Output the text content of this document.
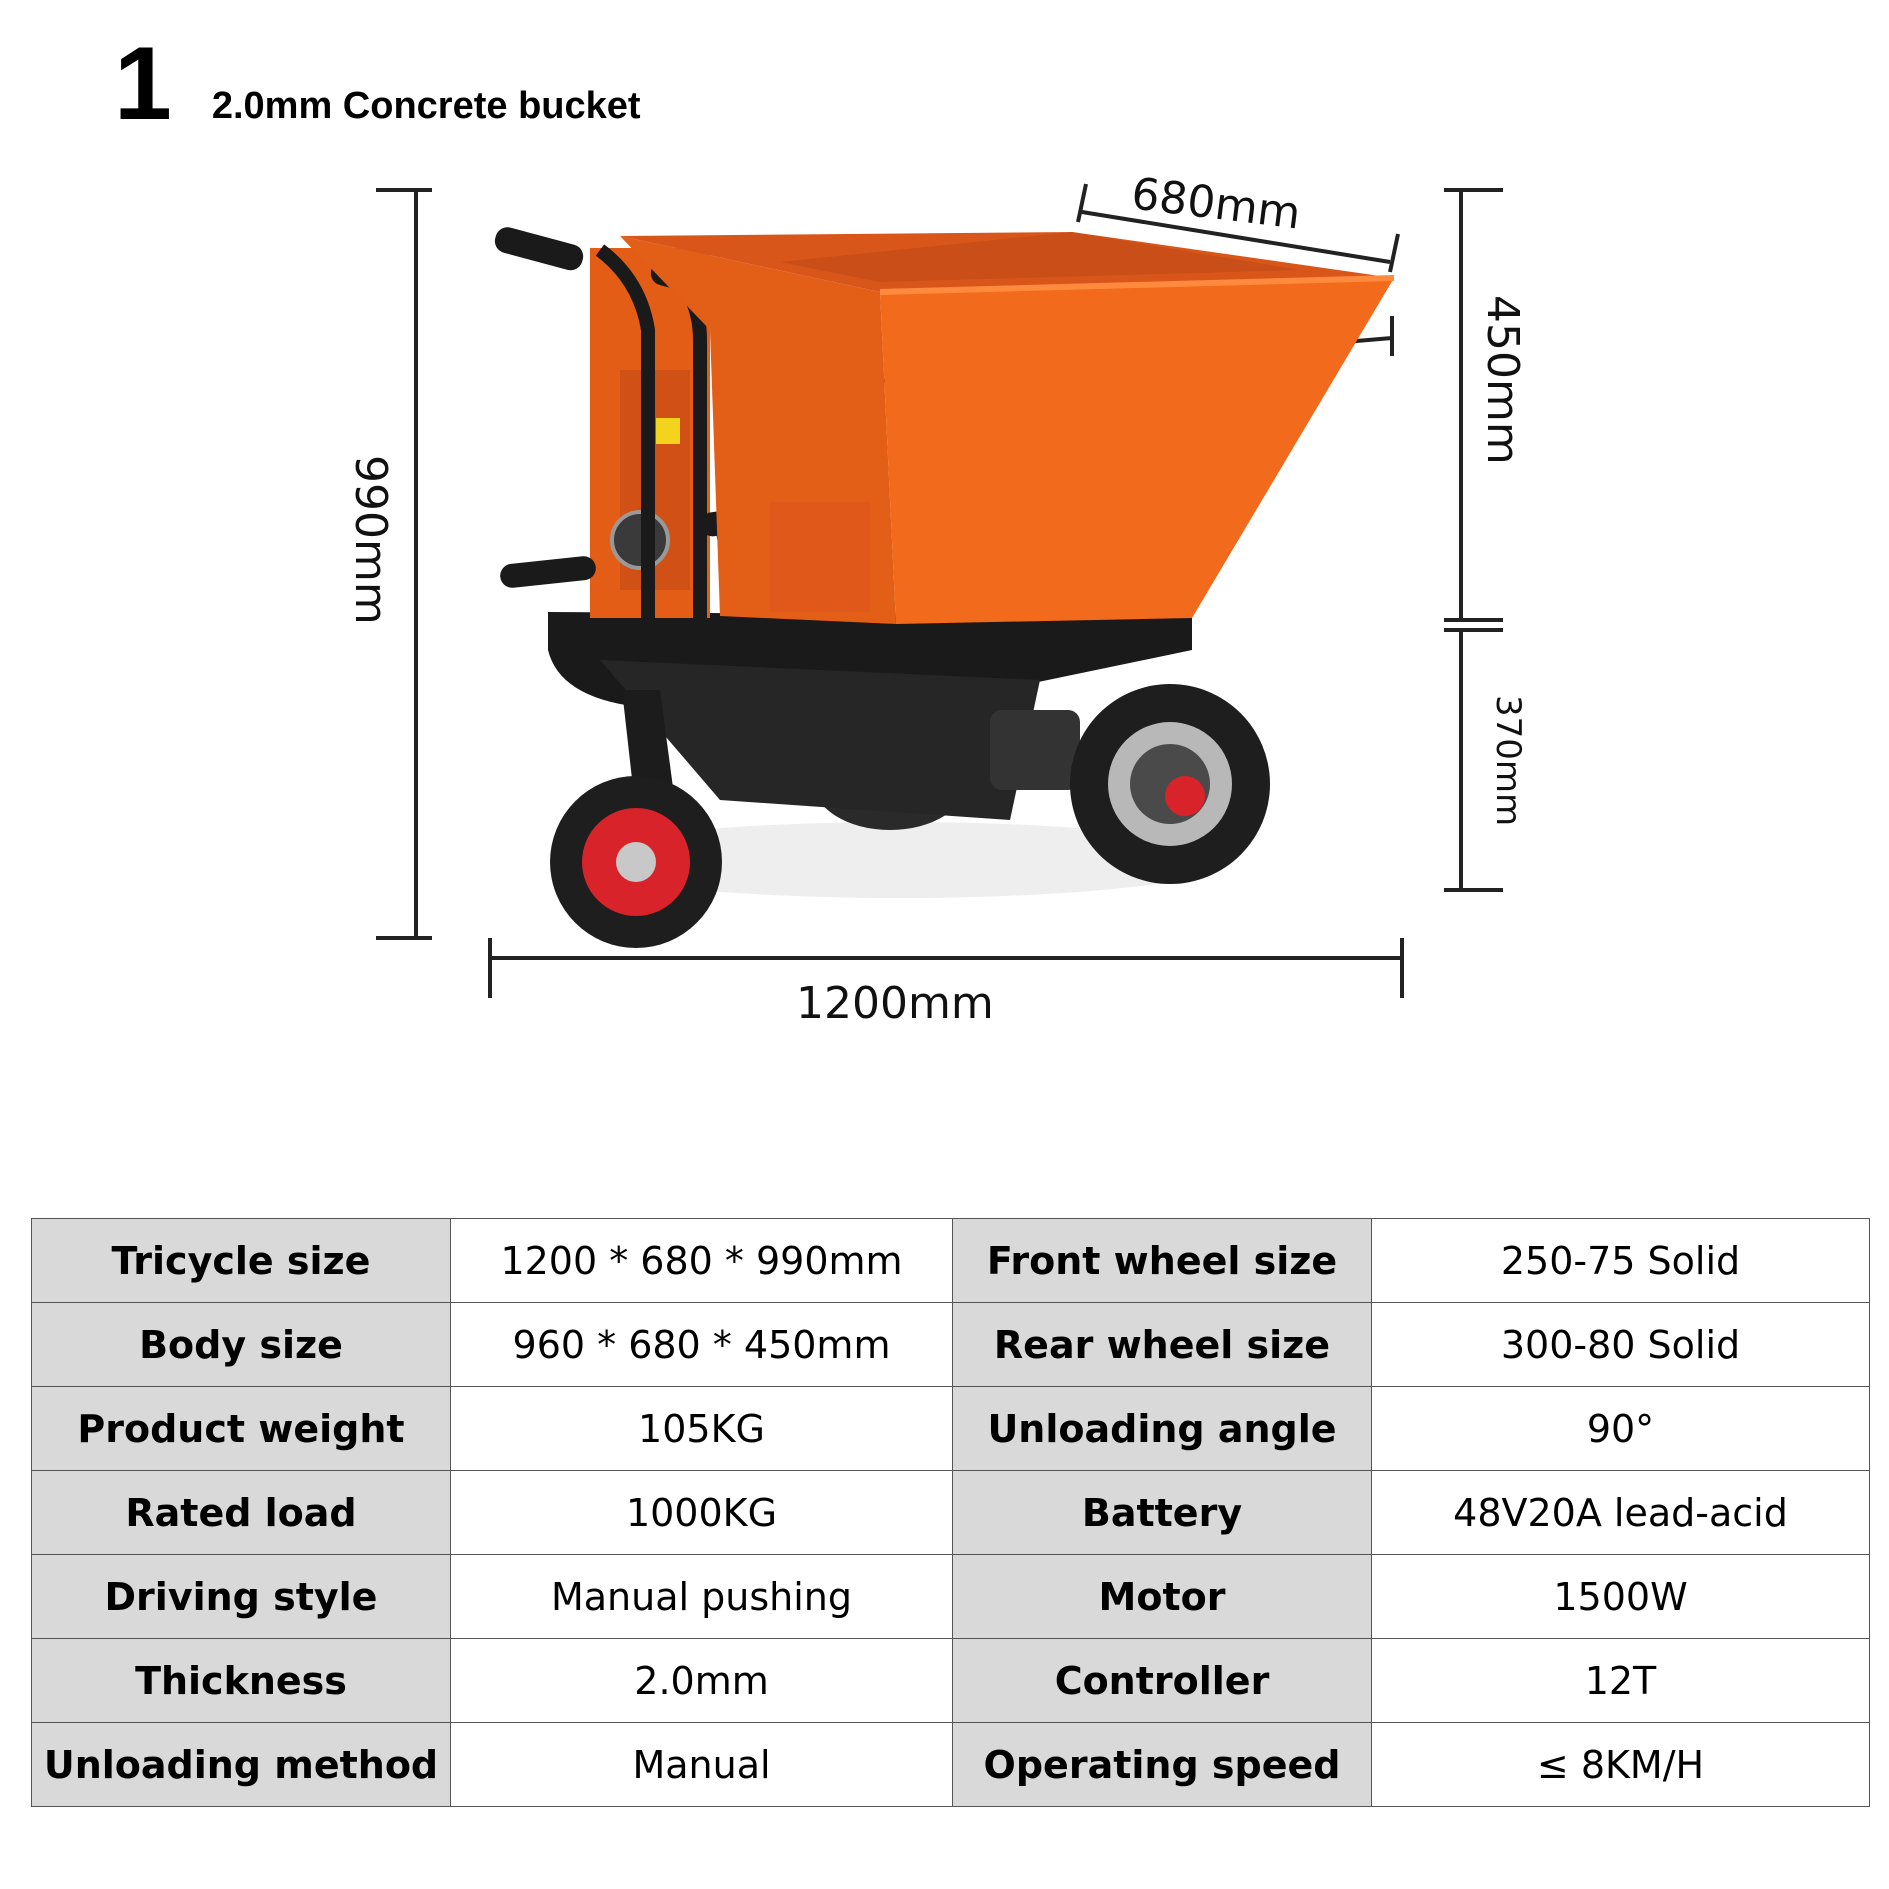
1 2.0mm Concrete bucket
680mm
990mm
450mm
370mm
1200mm
Tricycle size	1200 * 680 * 990mm	Front wheel size	250-75 Solid
Body size	960 * 680 * 450mm	Rear wheel size	300-80 Solid
Product weight	105KG	Unloading angle	90°
Rated load	1000KG	Battery	48V20A lead-acid
Driving style	Manual pushing	Motor	1500W
Thickness	2.0mm	Controller	12T
Unloading method	Manual	Operating speed	≤ 8KM/H
